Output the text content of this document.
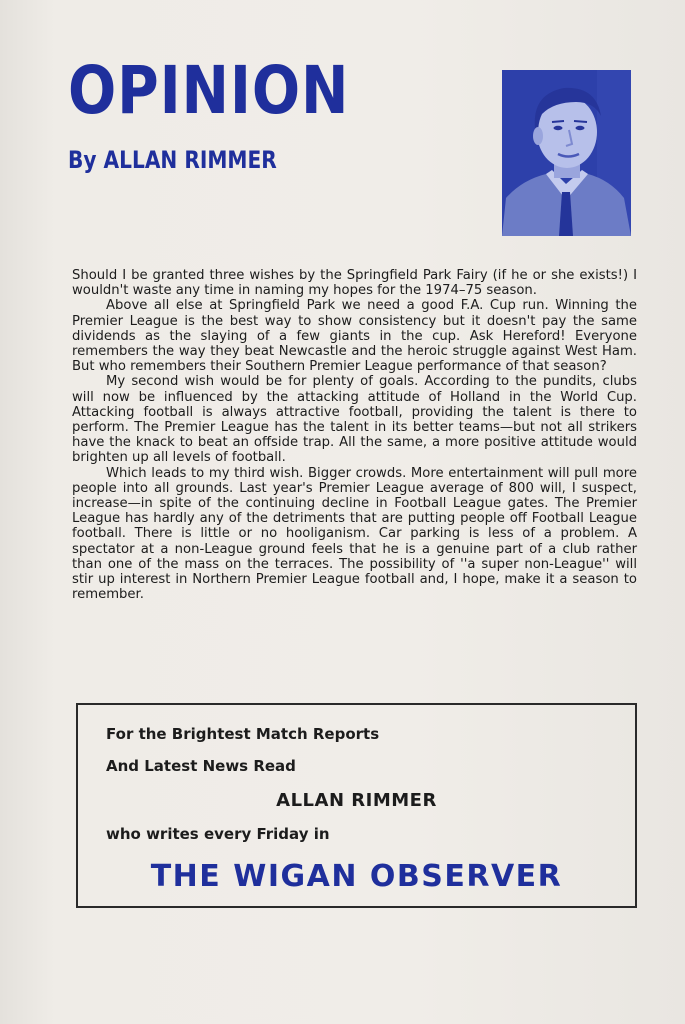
OPINION
By ALLAN RIMMER

Should I be granted three wishes by the Springfield Park Fairy (if he or she exists!) I wouldn't waste any time in naming my hopes for the 1974–75 season.

Above all else at Springfield Park we need a good F.A. Cup run. Winning the Premier League is the best way to show consistency but it doesn't pay the same dividends as the slaying of a few giants in the cup. Ask Hereford! Everyone remembers the way they beat Newcastle and the heroic struggle against West Ham. But who remembers their Southern Premier League performance of that season?

My second wish would be for plenty of goals. According to the pundits, clubs will now be influenced by the attacking attitude of Holland in the World Cup. Attacking football is always attractive football, providing the talent is there to perform. The Premier League has the talent in its better teams—but not all strikers have the knack to beat an offside trap. All the same, a more positive attitude would brighten up all levels of football.

Which leads to my third wish. Bigger crowds. More entertainment will pull more people into all grounds. Last year's Premier League average of 800 will, I suspect, increase—in spite of the continuing decline in Football League gates. The Premier League has hardly any of the detriments that are putting people off Football League football. There is little or no hooliganism. Car parking is less of a problem. A spectator at a non-League ground feels that he is a genuine part of a club rather than one of the mass on the terraces. The possibility of ''a super non-League'' will stir up interest in Northern Premier League football and, I hope, make it a season to remember.

For the Brightest Match Reports
And Latest News Read
ALLAN RIMMER
who writes every Friday in
THE WIGAN OBSERVER
